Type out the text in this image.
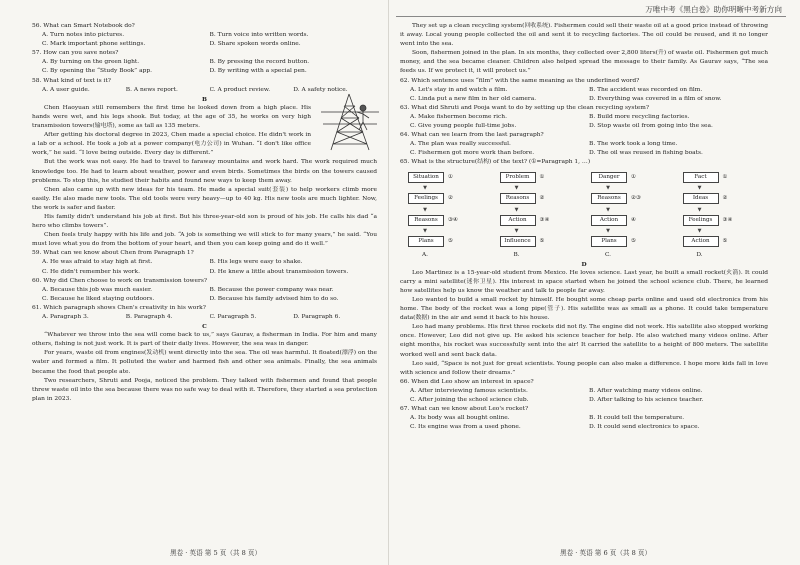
万唯中考《黑白卷》助你明晰中考新方向

56. What can Smart Notebook do?

A. Turn notes into pictures.	B. Turn voice into written words.
C. Mark important phone settings.	D. Share spoken words online.

57. How can you save notes?

A. By turning on the green light.	B. By pressing the record button.
C. By opening the “Study Book” app.	D. By writing with a special pen.

58. What kind of text is it?

A. A user guide.	B. A news report.	C. A product review.	D. A safety notice.

B

Chen Haoyuan still remembers the first time he looked down from a high place. His hands were wet, and his legs shook. But today, at the age of 35, he works on very high transmission towers(输电塔), some as tall as 135 meters.

After getting his doctoral degree in 2023, Chen made a special choice. He didn't work in a lab or a school. He took a job at a power company(电力公司) in Wuhan. “I don't like office work,” he said. “I love being outside. Every day is different.”

But the work was not easy. He had to travel to faraway mountains and work hard. The work required much knowledge too. He had to learn about weather, power and even birds. Sometimes the birds on the towers caused problems. To stop this, he studied their habits and found new ways to keep them away.

Chen also came up with new ideas for his team. He made a special suit(套装) to help workers climb more easily. He also made new tools. The old tools were very heavy—up to 40 kg. His new tools are much lighter. Now, the work is safer and faster.

His family didn't understand his job at first. But his three-year-old son is proud of his job. He calls his dad “a hero who climbs towers”.

Chen feels truly happy with his life and job. “A job is something we will stick to for many years,” he said. “You must love what you do from the bottom of your heart, and then you can keep going and do it well.”

59. What can we know about Chen from Paragraph 1?

A. He was afraid to stay high at first.	B. His legs were easy to shake.
C. He didn't remember his work.	D. He knew a little about transmission towers.

60. Why did Chen choose to work on transmission towers?

A. Because this job was much easier.	B. Because the power company was near.
C. Because he liked staying outdoors.	D. Because his family advised him to do so.

61. Which paragraph shows Chen's creativity in his work?

A. Paragraph 3.	B. Paragraph 4.	C. Paragraph 5.	D. Paragraph 6.

C

“Whatever we throw into the sea will come back to us,” says Gaurav, a fisherman in India. For him and many others, fishing is not just work. It is part of their daily lives. However, the sea was in danger.

For years, waste oil from engines(发动机) went directly into the sea. The oil was harmful. It floated(漂浮) on the water and formed a film. It polluted the water and harmed fish and other sea animals. Finally, the sea animals became the food that people ate.

Two researchers, Shruti and Pooja, noticed the problem. They talked with fishermen and found that people threw waste oil into the sea because there was no safe way to deal with it. Therefore, they started a sea protection plan in 2023.

They set up a clean recycling system(回收系统). Fishermen could sell their waste oil at a good price instead of throwing it away. Local young people collected the oil and sent it to recycling factories. The oil could be reused, and it no longer went into the sea.

Soon, fishermen joined in the plan. In six months, they collected over 2,800 liters(升) of waste oil. Fishermen got much money, and the sea became cleaner. Children also helped spread the message to their family. As Gaurav says, “The sea feeds us. If we protect it, it will protect us.”

62. Which sentence uses “film” with the same meaning as the underlined word?

A. Let's stay in and watch a film.	B. The accident was recorded on film.
C. Linda put a new film in her old camera.	D. Everything was covered in a film of snow.

63. What did Shruti and Pooja want to do by setting up the clean recycling system?

A. Make fishermen become rich.	B. Build more recycling factories.
C. Give young people full-time jobs.	D. Stop waste oil from going into the sea.

64. What can we learn from the last paragraph?

A. The plan was really successful.	B. The work took a long time.
C. Fishermen got more work than before.	D. The oil was reused in fishing boats.

65. What is the structure(结构) of the text? (①=Paragraph 1, …)

Situation	①
▼
Feelings	②
▼
Reasons	③④
▼
Plans	⑤
A.
Problem	①
▼
Reasons	②
▼
Action	③④
▼
Influence	⑤
B.
Danger	①
▼
Reasons	②③
▼
Action	④
▼
Plans	⑤
C.
Fact	①
▼
Ideas	②
▼
Feelings	③④
▼
Action	⑤
D.

D

Leo Martinez is a 15-year-old student from Mexico. He loves science. Last year, he built a small rocket(火箭). It could carry a mini satellite(迷你卫星). His interest in space started when he joined the school science club. There, he learned how satellites help us know the weather and talk to people far away.

Leo wanted to build a small rocket by himself. He bought some cheap parts online and used old electronics from his home. The body of the rocket was a long pipe(管子). His satellite was as small as a phone. It could take temperature data(数据) in the air and send it back to his house.

Leo had many problems. His first three rockets did not fly. The engine did not work. His satellite also stopped working once. However, Leo did not give up. He asked his science teacher for help. He also watched many videos online. After eight months, his rocket was successfully sent into the air! It carried the satellite to a height of 800 meters. The satellite worked well and sent back data.

Leo said, “Space is not just for great scientists. Young people can also make a difference. I hope more kids fall in love with science and follow their dreams.”

66. When did Leo show an interest in space?

A. After interviewing famous scientists.	B. After watching many videos online.
C. After joining the school science club.	D. After talking to his science teacher.

67. What can we know about Leo's rocket?

A. Its body was all bought online.	B. It could tell the temperature.
C. Its engine was from a used phone.	D. It could send electronics to space.
黑卷 · 英语 第 5 页（共 8 页）	黑卷 · 英语 第 6 页（共 8 页）
